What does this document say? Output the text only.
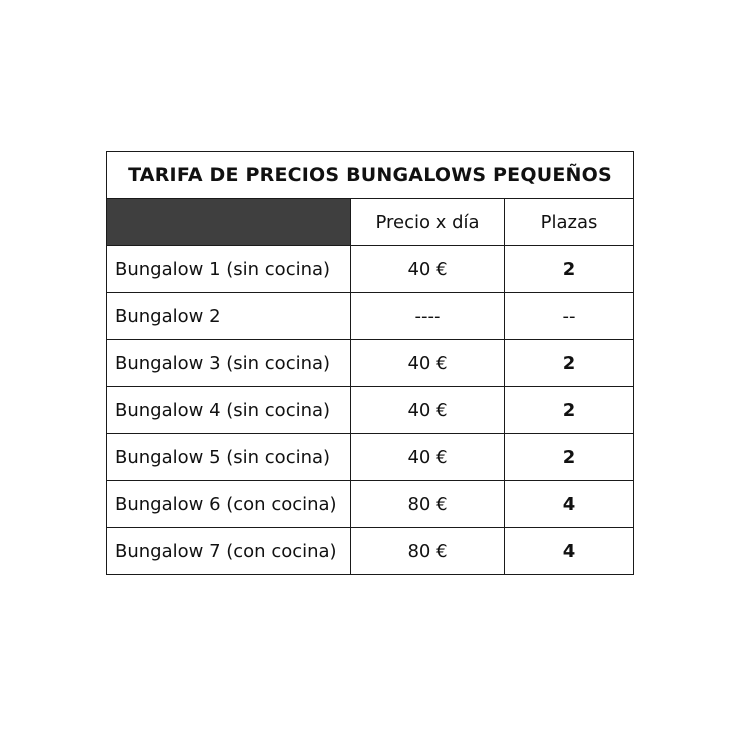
TARIFA DE PRECIOS BUNGALOWS PEQUEÑOS		
	Precio x día	Plazas
Bungalow 1 (sin cocina)	40 €	2
Bungalow 2	----	--
Bungalow 3 (sin cocina)	40 €	2
Bungalow 4 (sin cocina)	40 €	2
Bungalow 5 (sin cocina)	40 €	2
Bungalow 6 (con cocina)	80 €	4
Bungalow 7 (con cocina)	80 €	4
